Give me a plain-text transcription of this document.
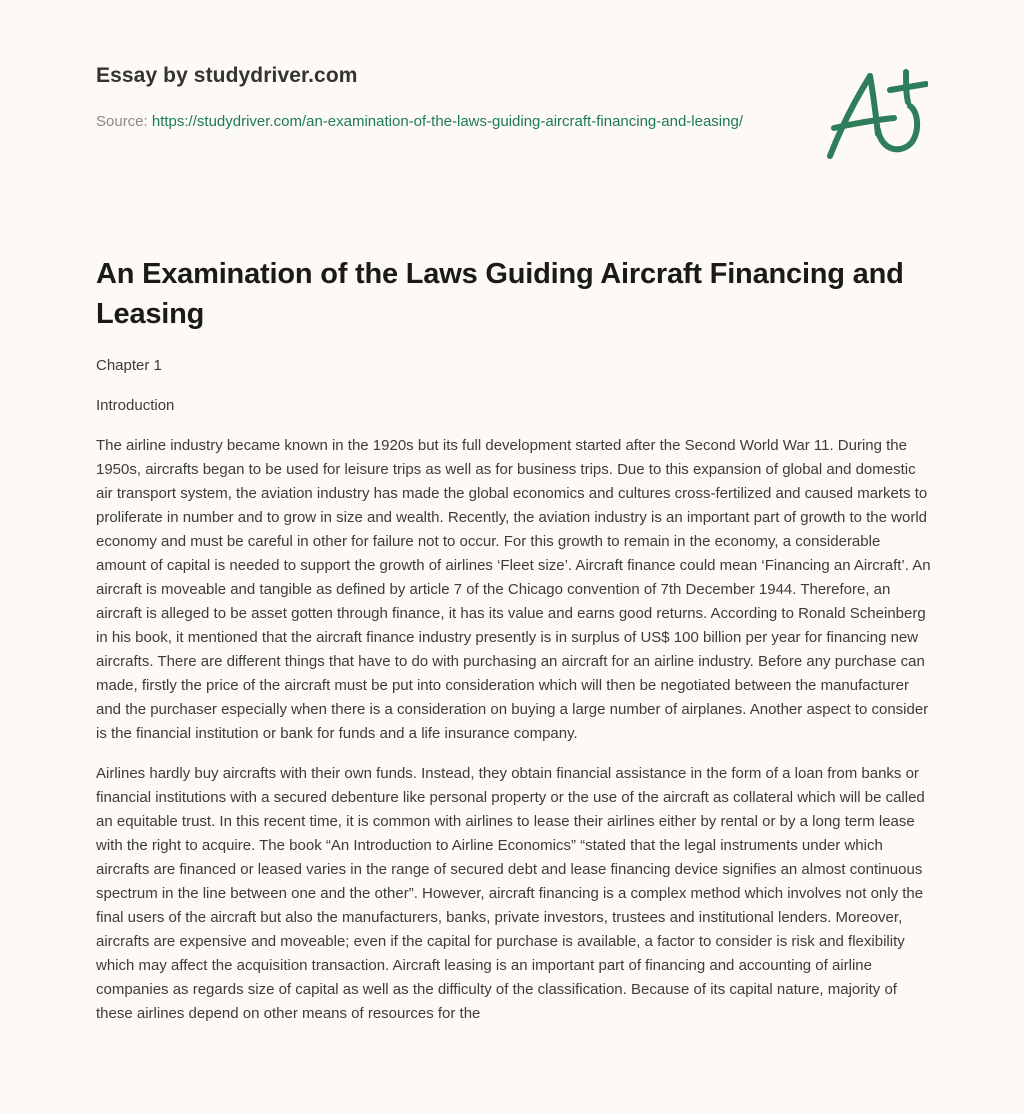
Essay by studydriver.com
Source: https://studydriver.com/an-examination-of-the-laws-guiding-aircraft-financing-and-leasing/
An Examination of the Laws Guiding Aircraft Financing and Leasing

Chapter 1

Introduction

The airline industry became known in the 1920s but its full development started after the Second World War 11. During the 1950s, aircrafts began to be used for leisure trips as well as for business trips. Due to this expansion of global and domestic air transport system, the aviation industry has made the global economics and cultures cross-fertilized and caused markets to proliferate in number and to grow in size and wealth. Recently, the aviation industry is an important part of growth to the world economy and must be careful in other for failure not to occur. For this growth to remain in the economy, a considerable amount of capital is needed to support the growth of airlines ‘Fleet size’. Aircraft finance could mean ‘Financing an Aircraft’. An aircraft is moveable and tangible as defined by article 7 of the Chicago convention of 7th December 1944. Therefore, an aircraft is alleged to be asset gotten through finance, it has its value and earns good returns. According to Ronald Scheinberg in his book, it mentioned that the aircraft finance industry presently is in surplus of US$ 100 billion per year for financing new aircrafts. There are different things that have to do with purchasing an aircraft for an airline industry. Before any purchase can made, firstly the price of the aircraft must be put into consideration which will then be negotiated between the manufacturer and the purchaser especially when there is a consideration on buying a large number of airplanes. Another aspect to consider is the financial institution or bank for funds and a life insurance company.

Airlines hardly buy aircrafts with their own funds. Instead, they obtain financial assistance in the form of a loan from banks or financial institutions with a secured debenture like personal property or the use of the aircraft as collateral which will be called an equitable trust. In this recent time, it is common with airlines to lease their airlines either by rental or by a long term lease with the right to acquire. The book “An Introduction to Airline Economics” “stated that the legal instruments under which aircrafts are financed or leased varies in the range of secured debt and lease financing device signifies an almost continuous spectrum in the line between one and the other”. However, aircraft financing is a complex method which involves not only the final users of the aircraft but also the manufacturers, banks, private investors, trustees and institutional lenders. Moreover, aircrafts are expensive and moveable; even if the capital for purchase is available, a factor to consider is risk and flexibility which may affect the acquisition transaction. Aircraft leasing is an important part of financing and accounting of airline companies as regards size of capital as well as the difficulty of the classification. Because of its capital nature, majority of these airlines depend on other means of resources for the
